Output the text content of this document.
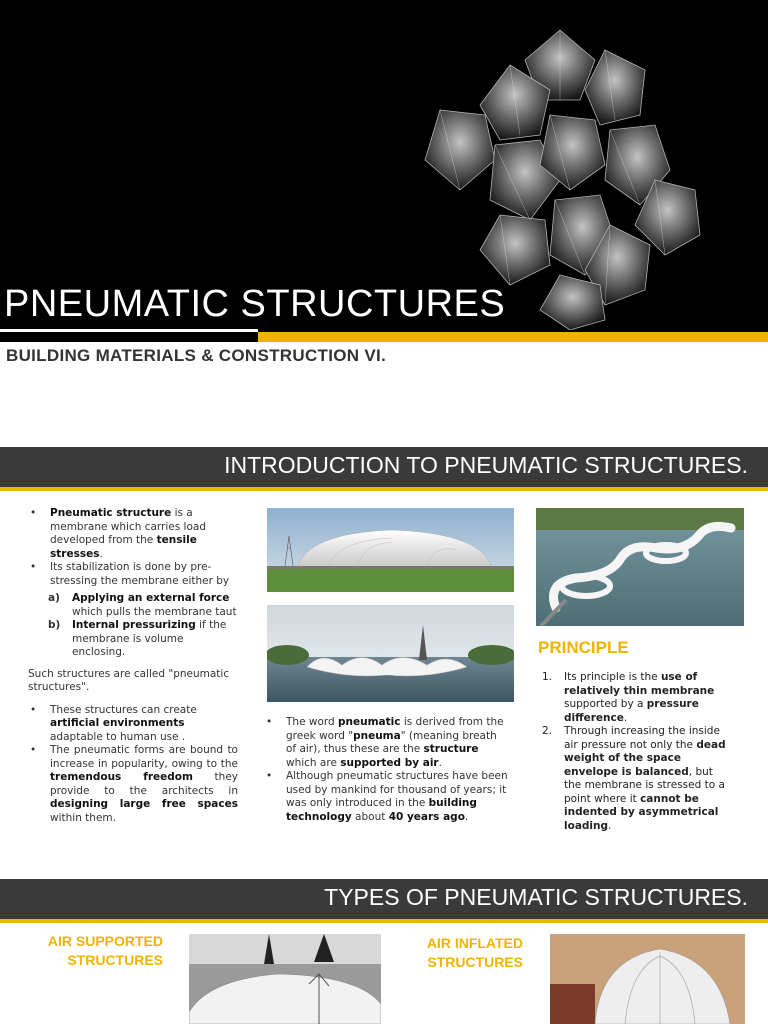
PNEUMATIC STRUCTURES
BUILDING MATERIALS & CONSTRUCTION VI.
INTRODUCTION TO PNEUMATIC STRUCTURES.
• Pneumatic structure is a membrane which carries load developed from the tensile stresses.
• Its stabilization is done by pre-stressing the membrane either by
a) Applying an external force which pulls the membrane taut
b) Internal pressurizing if the membrane is volume enclosing.
Such structures are called "pneumatic structures".
• These structures can create artificial environments adaptable to human use .
• The pneumatic forms are bound to increase in popularity, owing to the tremendous freedom they provide to the architects in designing large free spaces within them.
• The word pneumatic is derived from the greek word "pneuma" (meaning breath of air), thus these are the structure which are supported by air.
• Although pneumatic structures have been used by mankind for thousand of years; it was only introduced in the building technology about 40 years ago.
PRINCIPLE
1. Its principle is the use of relatively thin membrane supported by a pressure difference.
2. Through increasing the inside air pressure not only the dead weight of the space envelope is balanced, but the membrane is stressed to a point where it cannot be indented by asymmetrical loading.
TYPES OF PNEUMATIC STRUCTURES.
AIR SUPPORTED STRUCTURES
AIR INFLATED STRUCTURES
